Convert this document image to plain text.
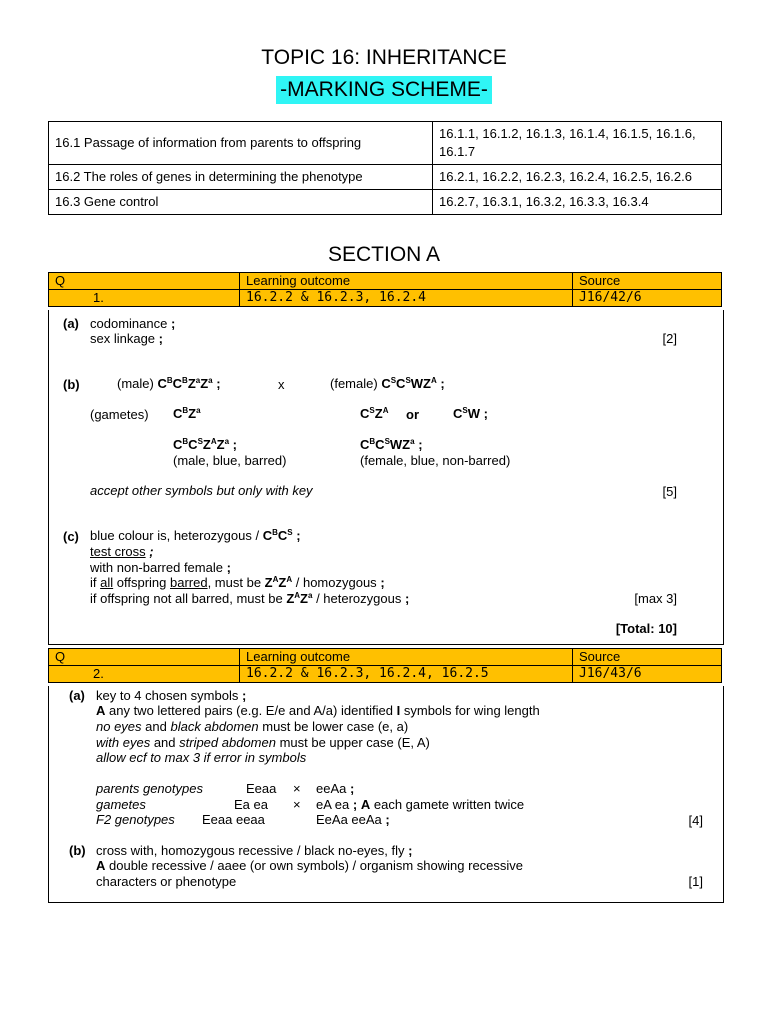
TOPIC 16: INHERITANCE
-MARKING SCHEME-
16.1 Passage of information from parents to offspring	16.1.1, 16.1.2, 16.1.3, 16.1.4, 16.1.5, 16.1.6, 16.1.7
16.2 The roles of genes in determining the phenotype	16.2.1, 16.2.2, 16.2.3, 16.2.4, 16.2.5, 16.2.6
16.3 Gene control	16.2.7, 16.3.1, 16.3.2, 16.3.3, 16.3.4
SECTION A
Q	Learning outcome	Source
1.	16.2.2 & 16.2.3, 16.2.4	J16/42/6
(a) codominance ;
sex linkage ;	[2]
(b)	(male) $C^BC^BZ^aZ^a$ ;	x	(female) $C^SC^SWZ^A$ ;
(gametes) $C^BZ^a$	$C^SZ^A$ or	$C^SW$ ;
$C^BC^SZ^AZ^a$ ;	$C^BC^SWZ^a$ ;
(male, blue, barred)	(female, blue, non-barred)
accept other symbols but only with key	[5]
(c) blue colour is, heterozygous / $C^BC^S$ ;
test cross ;
with non-barred female ;
if all offspring barred, must be $Z^AZ^A$ / homozygous ;
if offspring not all barred, must be $Z^AZ^a$ / heterozygous ;	[max 3]
[Total: 10]
Q	Learning outcome	Source
2.	16.2.2 & 16.2.3, 16.2.4, 16.2.5	J16/43/6
(a) key to 4 chosen symbols ;
A any two lettered pairs (e.g. E/e and A/a) identified I symbols for wing length
no eyes and black abdomen must be lower case (e, a)
with eyes and striped abdomen must be upper case (E, A)
allow ecf to max 3 if error in symbols
parents genotypes	Eeaa × eeAa ;
gametes	Ea ea × eA ea ; A each gamete written twice
F2 genotypes Eeaa eeaa	EeAa eeAa ;	[4]
(b) cross with, homozygous recessive / black no-eyes, fly ;
A double recessive / aaee (or own symbols) / organism showing recessive
characters or phenotype	[1]
